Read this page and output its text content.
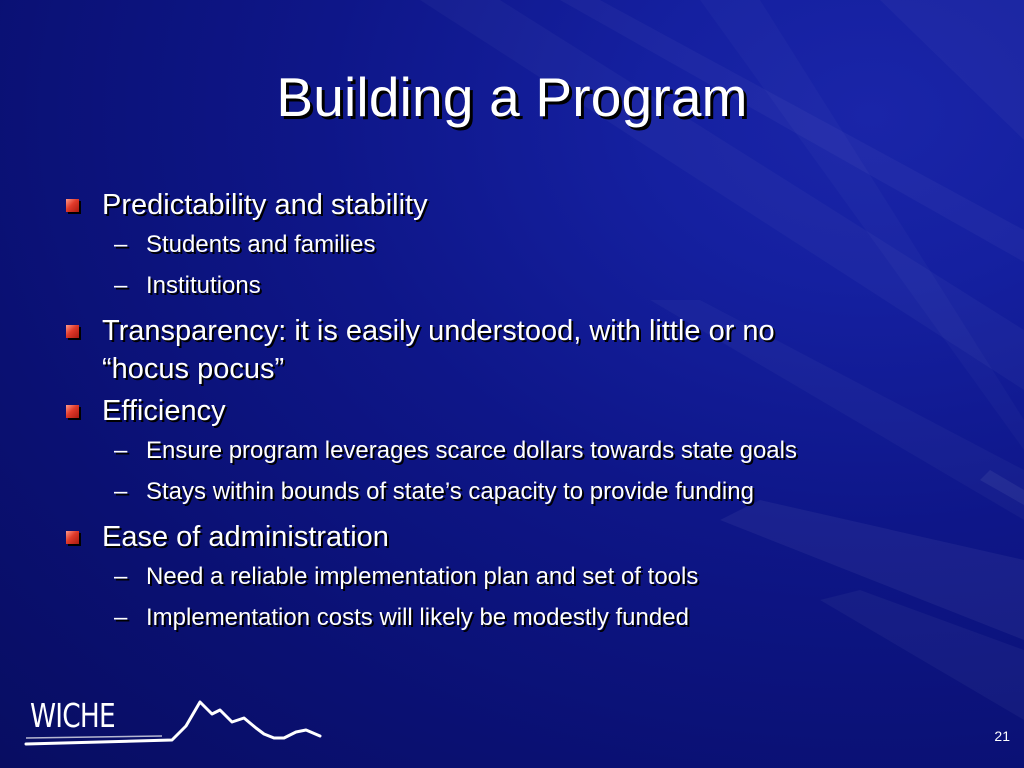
Building a Program
Predictability and stability
– Students and families
– Institutions
Transparency: it is easily understood, with little or no
“hocus pocus”
Efficiency
– Ensure program leverages scarce dollars towards state goals
– Stays within bounds of state’s capacity to provide funding
Ease of administration
– Need a reliable implementation plan and set of tools
– Implementation costs will likely be modestly funded
WICHE
21
